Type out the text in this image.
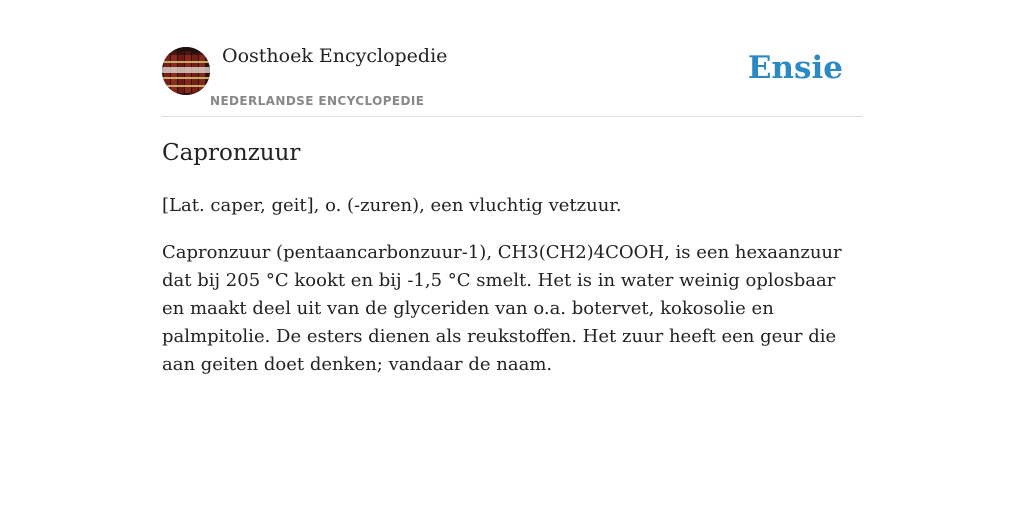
Oosthoek Encyclopedie
NEDERLANDSE ENCYCLOPEDIE
Ensie
Capronzuur

[Lat. caper, geit], o. (-zuren), een vluchtig vetzuur.

Capronzuur (pentaancarbonzuur-1), CH3(CH2)4COOH, is een hexaanzuur dat bij 205 °C kookt en bij -1,5 °C smelt. Het is in water weinig oplosbaar en maakt deel uit van de glyceriden van o.a. botervet, kokosolie en palmpitolie. De esters dienen als reukstoffen. Het zuur heeft een geur die aan geiten doet denken; vandaar de naam.
